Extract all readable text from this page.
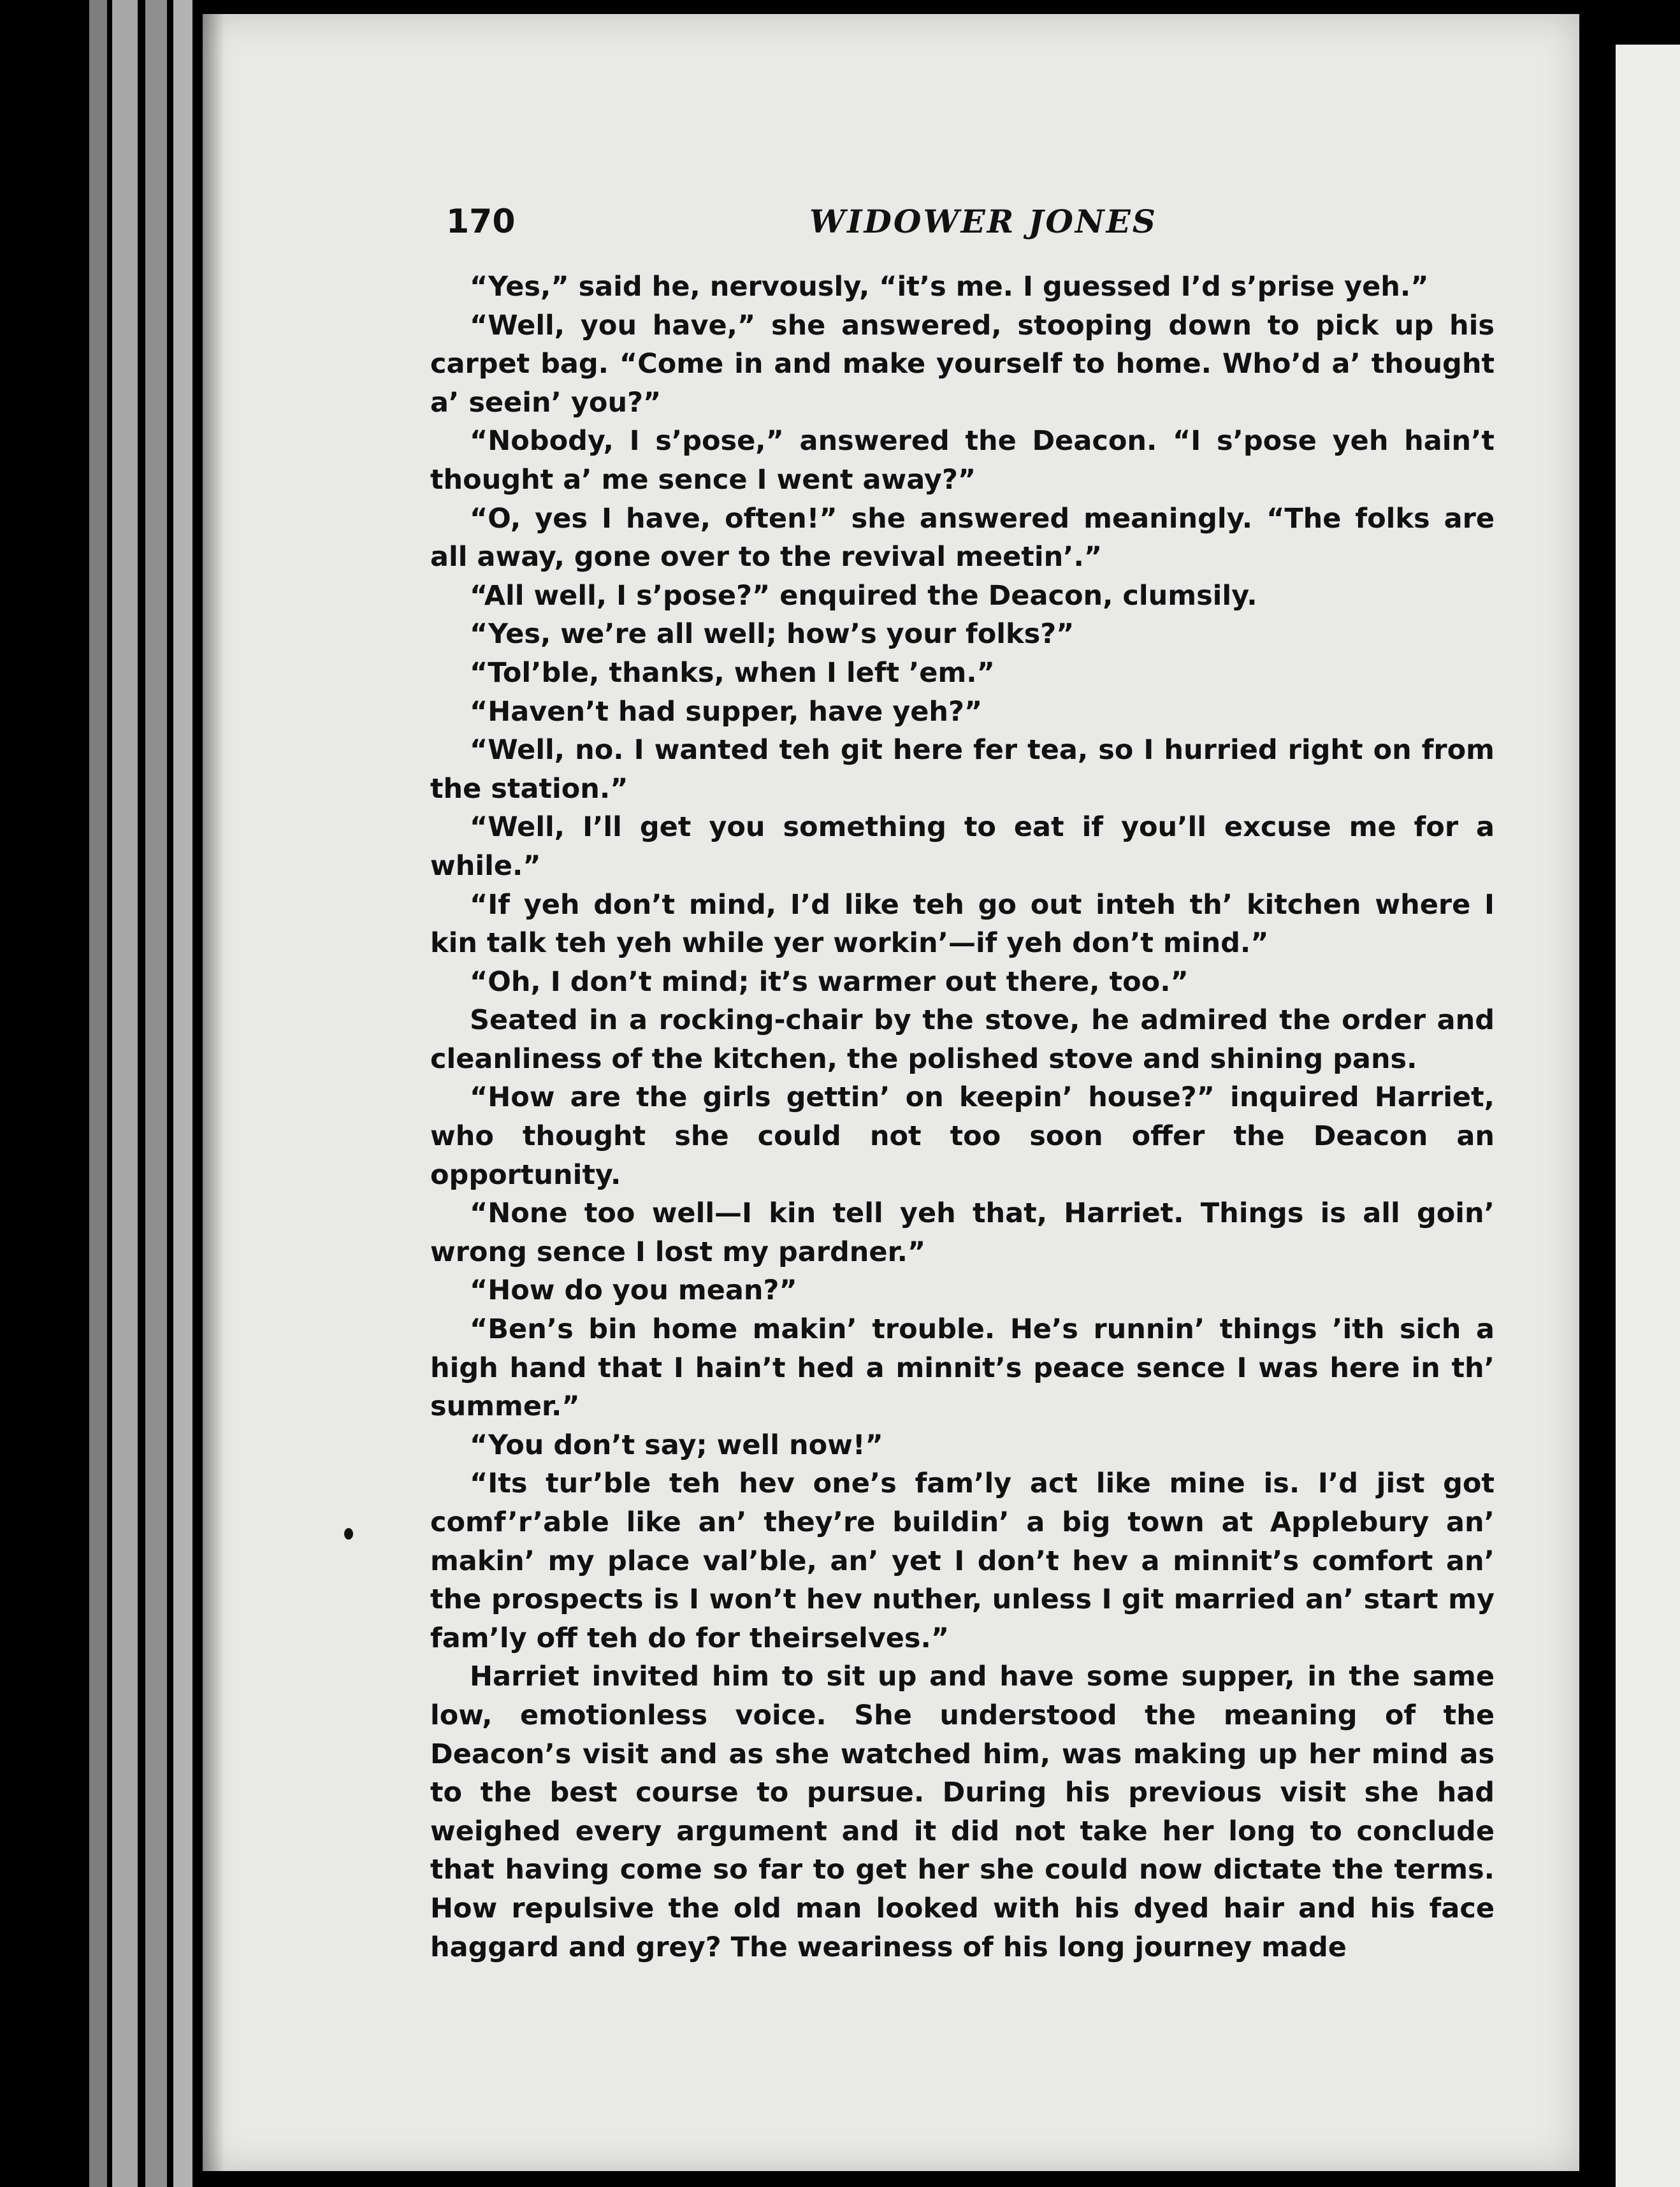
170	WIDOWER JONES

“Yes,” said he, nervously, “it’s me. I guessed I’d s’prise yeh.”

“Well, you have,” she answered, stooping down to pick up his carpet bag. “Come in and make yourself to home. Who’d a’ thought a’ seein’ you?”

“Nobody, I s’pose,” answered the Deacon. “I s’pose yeh hain’t thought a’ me sence I went away?”

“O, yes I have, often!” she answered meaningly. “The folks are all away, gone over to the revival meetin’.”

“All well, I s’pose?” enquired the Deacon, clumsily.

“Yes, we’re all well; how’s your folks?”

“Tol’ble, thanks, when I left ’em.”

“Haven’t had supper, have yeh?”

“Well, no. I wanted teh git here fer tea, so I hurried right on from the station.”

“Well, I’ll get you something to eat if you’ll excuse me for a while.”

“If yeh don’t mind, I’d like teh go out inteh th’ kitchen where I kin talk teh yeh while yer workin’—if yeh don’t mind.”

“Oh, I don’t mind; it’s warmer out there, too.”

Seated in a rocking-chair by the stove, he admired the order and cleanliness of the kitchen, the polished stove and shining pans.

“How are the girls gettin’ on keepin’ house?” inquired Harriet, who thought she could not too soon offer the Deacon an opportunity.

“None too well—I kin tell yeh that, Harriet. Things is all goin’ wrong sence I lost my pardner.”

“How do you mean?”

“Ben’s bin home makin’ trouble. He’s runnin’ things ’ith sich a high hand that I hain’t hed a minnit’s peace sence I was here in th’ summer.”

“You don’t say; well now!”

“Its tur’ble teh hev one’s fam’ly act like mine is. I’d jist got comf’r’able like an’ they’re buildin’ a big town at Applebury an’ makin’ my place val’ble, an’ yet I don’t hev a minnit’s comfort an’ the prospects is I won’t hev nuther, unless I git married an’ start my fam’ly off teh do for theirselves.”

Harriet invited him to sit up and have some supper, in the same low, emotionless voice. She understood the meaning of the Deacon’s visit and as she watched him, was making up her mind as to the best course to pursue. During his previous visit she had weighed every argument and it did not take her long to conclude that having come so far to get her she could now dictate the terms. How repulsive the old man looked with his dyed hair and his face haggard and grey? The weariness of his long journey made
